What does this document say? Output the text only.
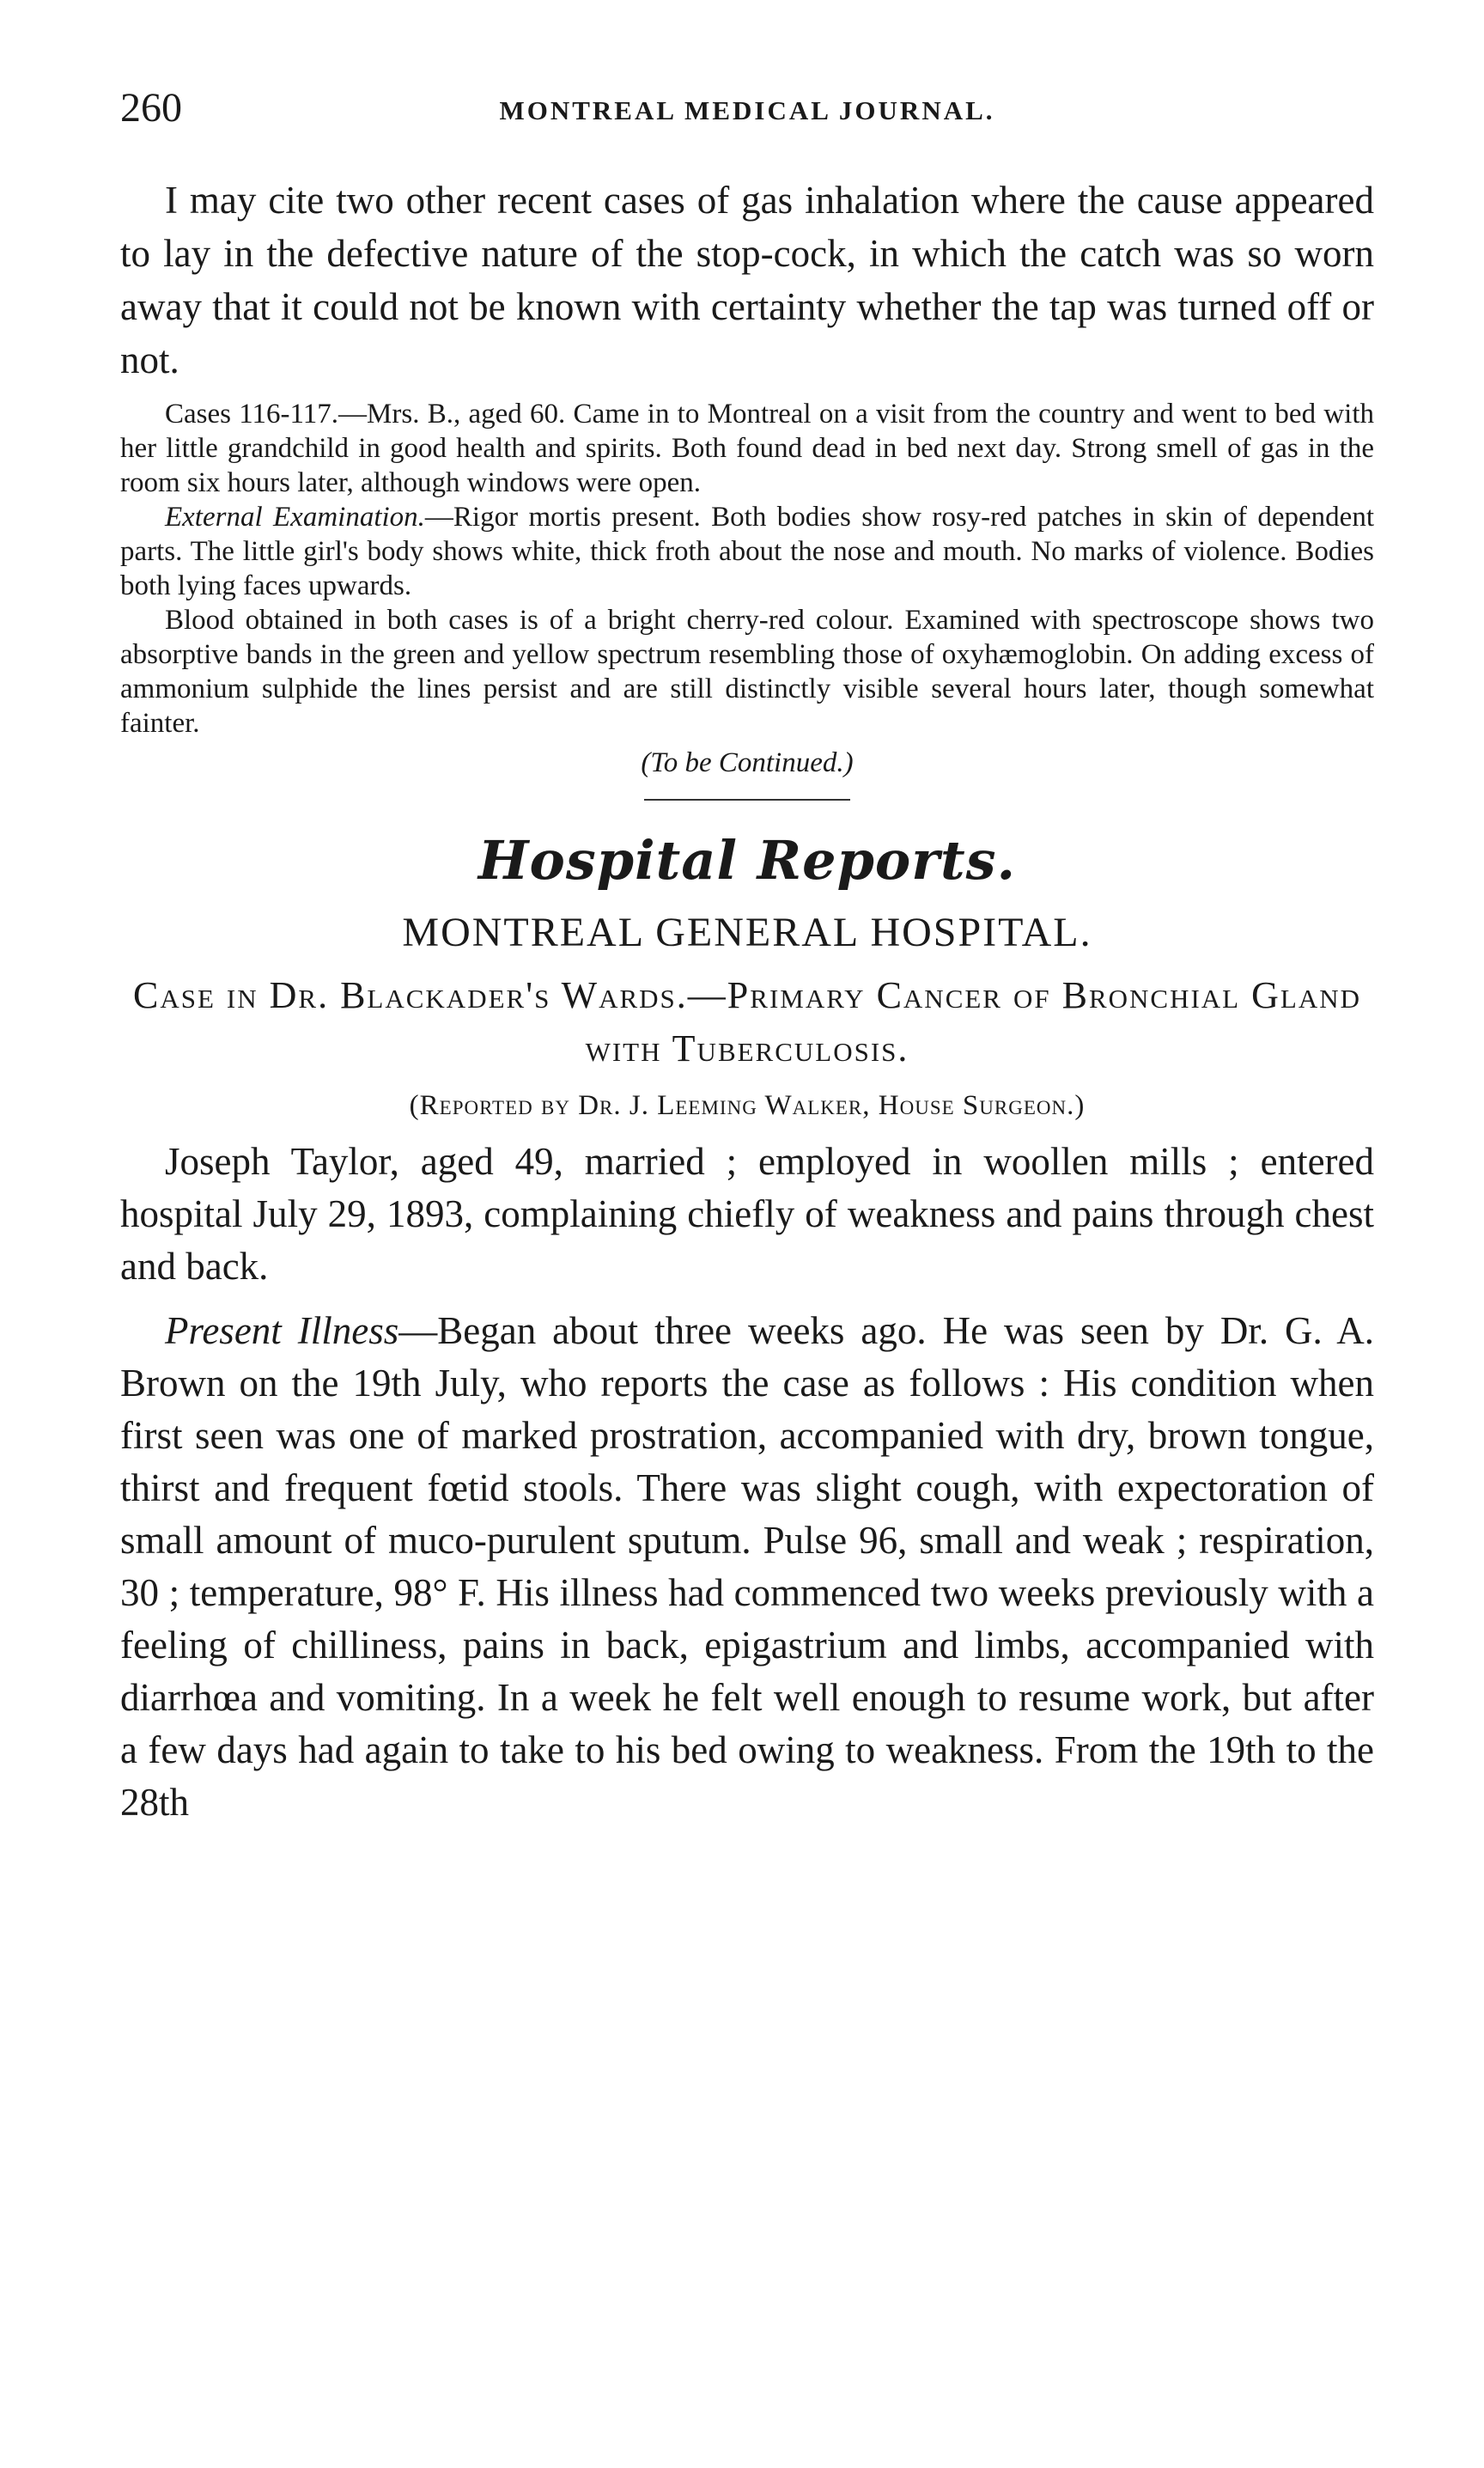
260	MONTREAL MEDICAL JOURNAL.

I may cite two other recent cases of gas inhalation where the cause appeared to lay in the defective nature of the stop-cock, in which the catch was so worn away that it could not be known with certainty whether the tap was turned off or not.

Cases 116-117.—Mrs. B., aged 60. Came in to Montreal on a visit from the country and went to bed with her little grandchild in good health and spirits. Both found dead in bed next day. Strong smell of gas in the room six hours later, although windows were open.

External Examination.—Rigor mortis present. Both bodies show rosy-red patches in skin of dependent parts. The little girl's body shows white, thick froth about the nose and mouth. No marks of violence. Bodies both lying faces upwards.

Blood obtained in both cases is of a bright cherry-red colour. Examined with spectroscope shows two absorptive bands in the green and yellow spectrum resembling those of oxyhæmoglobin. On adding excess of ammonium sulphide the lines persist and are still distinctly visible several hours later, though somewhat fainter.

(To be Continued.)

Hospital Reports.
MONTREAL GENERAL HOSPITAL.
Case in Dr. Blackader's Wards.—Primary Cancer of Bronchial Gland with Tuberculosis.
(Reported by Dr. J. Leeming Walker, House Surgeon.)

Joseph Taylor, aged 49, married ; employed in woollen mills ; entered hospital July 29, 1893, complaining chiefly of weakness and pains through chest and back.

Present Illness—Began about three weeks ago. He was seen by Dr. G. A. Brown on the 19th July, who reports the case as follows : His condition when first seen was one of marked prostration, accompanied with dry, brown tongue, thirst and frequent fœtid stools. There was slight cough, with expectoration of small amount of muco-purulent sputum. Pulse 96, small and weak ; respiration, 30 ; temperature, 98° F. His illness had commenced two weeks previously with a feeling of chilliness, pains in back, epigastrium and limbs, accompanied with diarrhœa and vomiting. In a week he felt well enough to resume work, but after a few days had again to take to his bed owing to weakness. From the 19th to the 28th
